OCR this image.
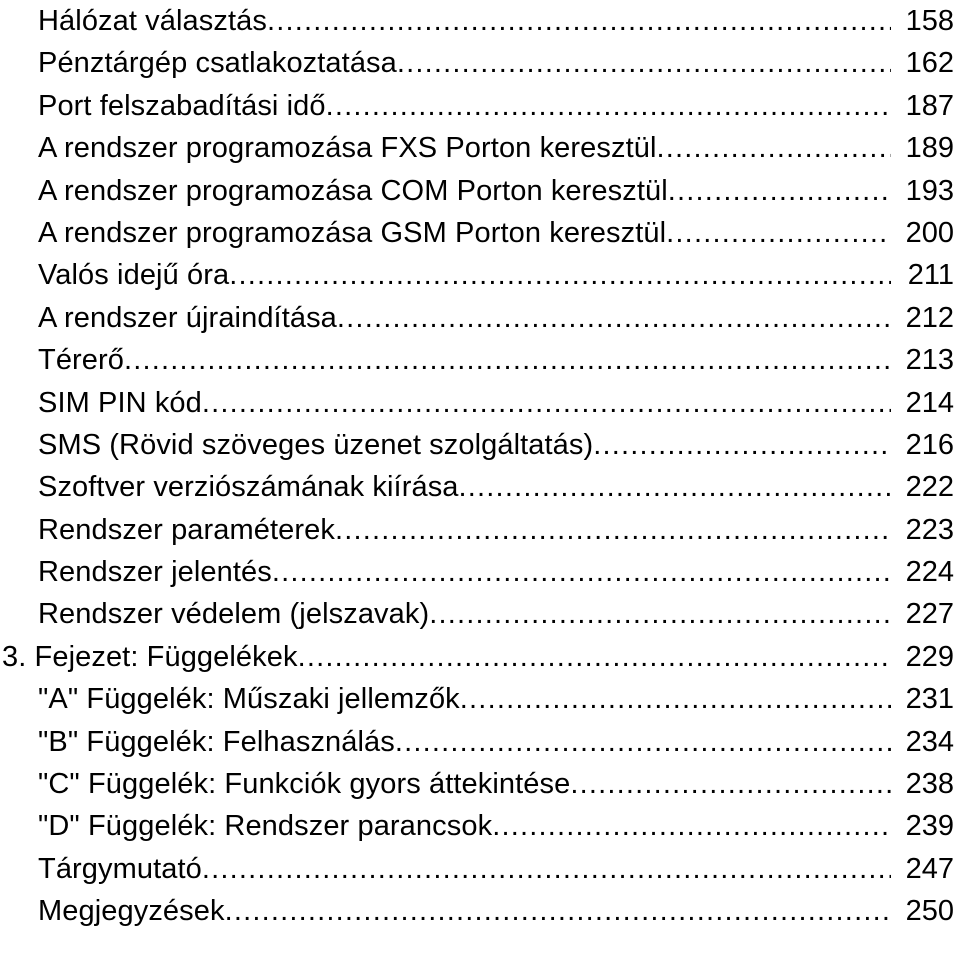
Hálózat választás .....	158
Pénztárgép csatlakoztatása .....	162
Port felszabadítási idő .....	187
A rendszer programozása FXS Porton keresztül .....	189
A rendszer programozása COM Porton keresztül .....	193
A rendszer programozása GSM Porton keresztül .....	200
Valós idejű óra .....	211
A rendszer újraindítása .....	212
Térerő .....	213
SIM PIN kód .....	214
SMS (Rövid szöveges üzenet szolgáltatás) .....	216
Szoftver verziószámának kiírása .....	222
Rendszer paraméterek .....	223
Rendszer jelentés .....	224
Rendszer védelem (jelszavak) .....	227
3. Fejezet: Függelékek .....	229
"A" Függelék: Műszaki jellemzők .....	231
"B" Függelék: Felhasználás .....	234
"C" Függelék: Funkciók gyors áttekintése .....	238
"D" Függelék: Rendszer parancsok .....	239
Tárgymutató .....	247
Megjegyzések .....	250
